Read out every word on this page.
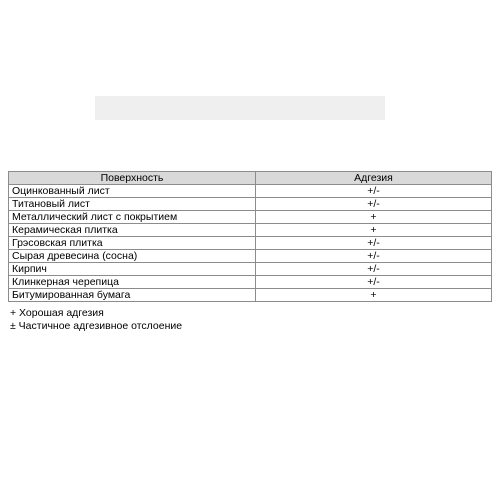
Поверхность	Адгезия
Оцинкованный лист	+/-
Титановый лист	+/-
Металлический лист с покрытием	+
Керамическая плитка	+
Грэсовская плитка	+/-
Сырая древесина (сосна)	+/-
Кирпич	+/-
Клинкерная черепица	+/-
Битумированная бумага	+
+ Хорошая адгезия
± Частичное адгезивное отслоение
